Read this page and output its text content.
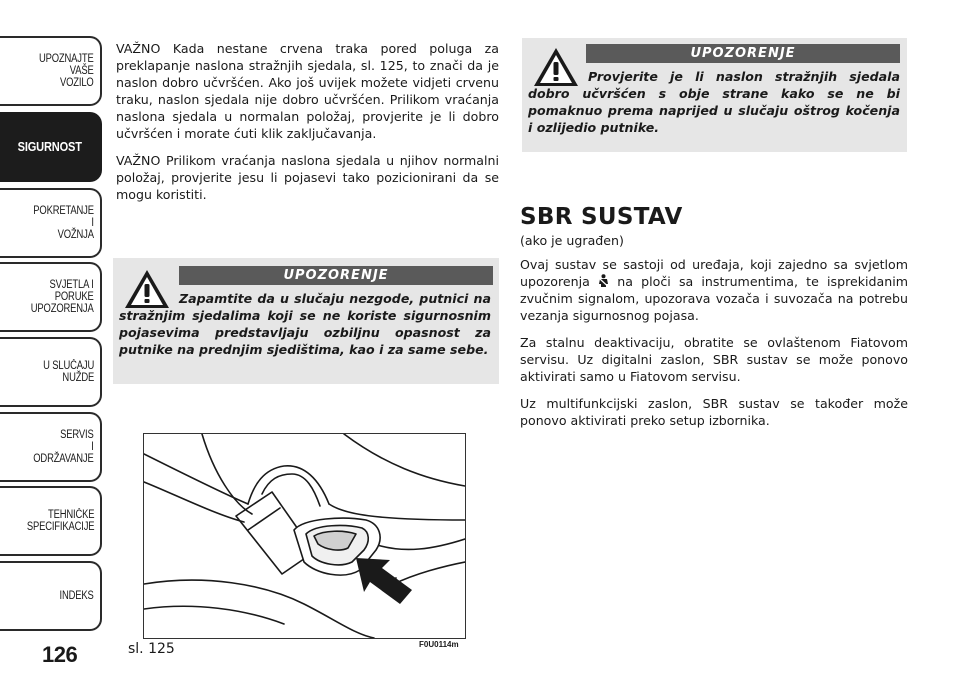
UPOZNAJTE
VAŠE
VOZILO
SIGURNOST
POKRETANJE
I
VOŽNJA
SVJETLA I
PORUKE
UPOZORENJA
U SLUČAJU
NUŽDE
SERVIS
I
ODRŽAVANJE
TEHNIČKE
SPECIFIKACIJE
INDEKS
126

VAŽNO Kada nestane crvena traka pored poluga za preklapanje naslona stražnjih sjedala, sl. 125, to znači da je naslon dobro učvršćen. Ako još uvijek možete vidjeti crvenu traku, naslon sjedala nije dobro učvršćen. Prilikom vraćanja naslona sjedala u normalan položaj, provjerite je li dobro učvršćen i morate ćuti klik zaključavanja.

VAŽNO Prilikom vraćanja naslona sjedala u njihov normalni položaj, provjerite jesu li pojasevi tako pozicionirani da se mogu koristiti.

UPOZORENJE
Zapamtite da u slučaju nezgode, putnici na stražnjim sjedalima koji se ne koriste sigurnosnim pojasevima predstavljaju ozbiljnu opasnost za putnike na prednjim sjedištima, kao i za same sebe.
UPOZORENJE
Provjerite je li naslon stražnjih sjedala dobro učvršćen s obje strane kako se ne bi pomaknuo prema naprijed u slučaju oštrog kočenja i ozlijedio putnike.
SBR SUSTAV
(ako je ugrađen)

Ovaj sustav se sastoji od uređaja, koji zajedno sa svjetlom upozorenja na ploči sa instrumentima, te isprekidanim zvučnim signalom, upozorava vozača i suvozača na potrebu vezanja sigurnosnog pojasa.

Za stalnu deaktivaciju, obratite se ovlaštenom Fiatovom servisu. Uz digitalni zaslon, SBR sustav se može ponovo aktivirati samo u Fiatovom servisu.

Uz multifunkcijski zaslon, SBR sustav se također može ponovo aktivirati preko setup izbornika.

sl. 125	F0U0114m
